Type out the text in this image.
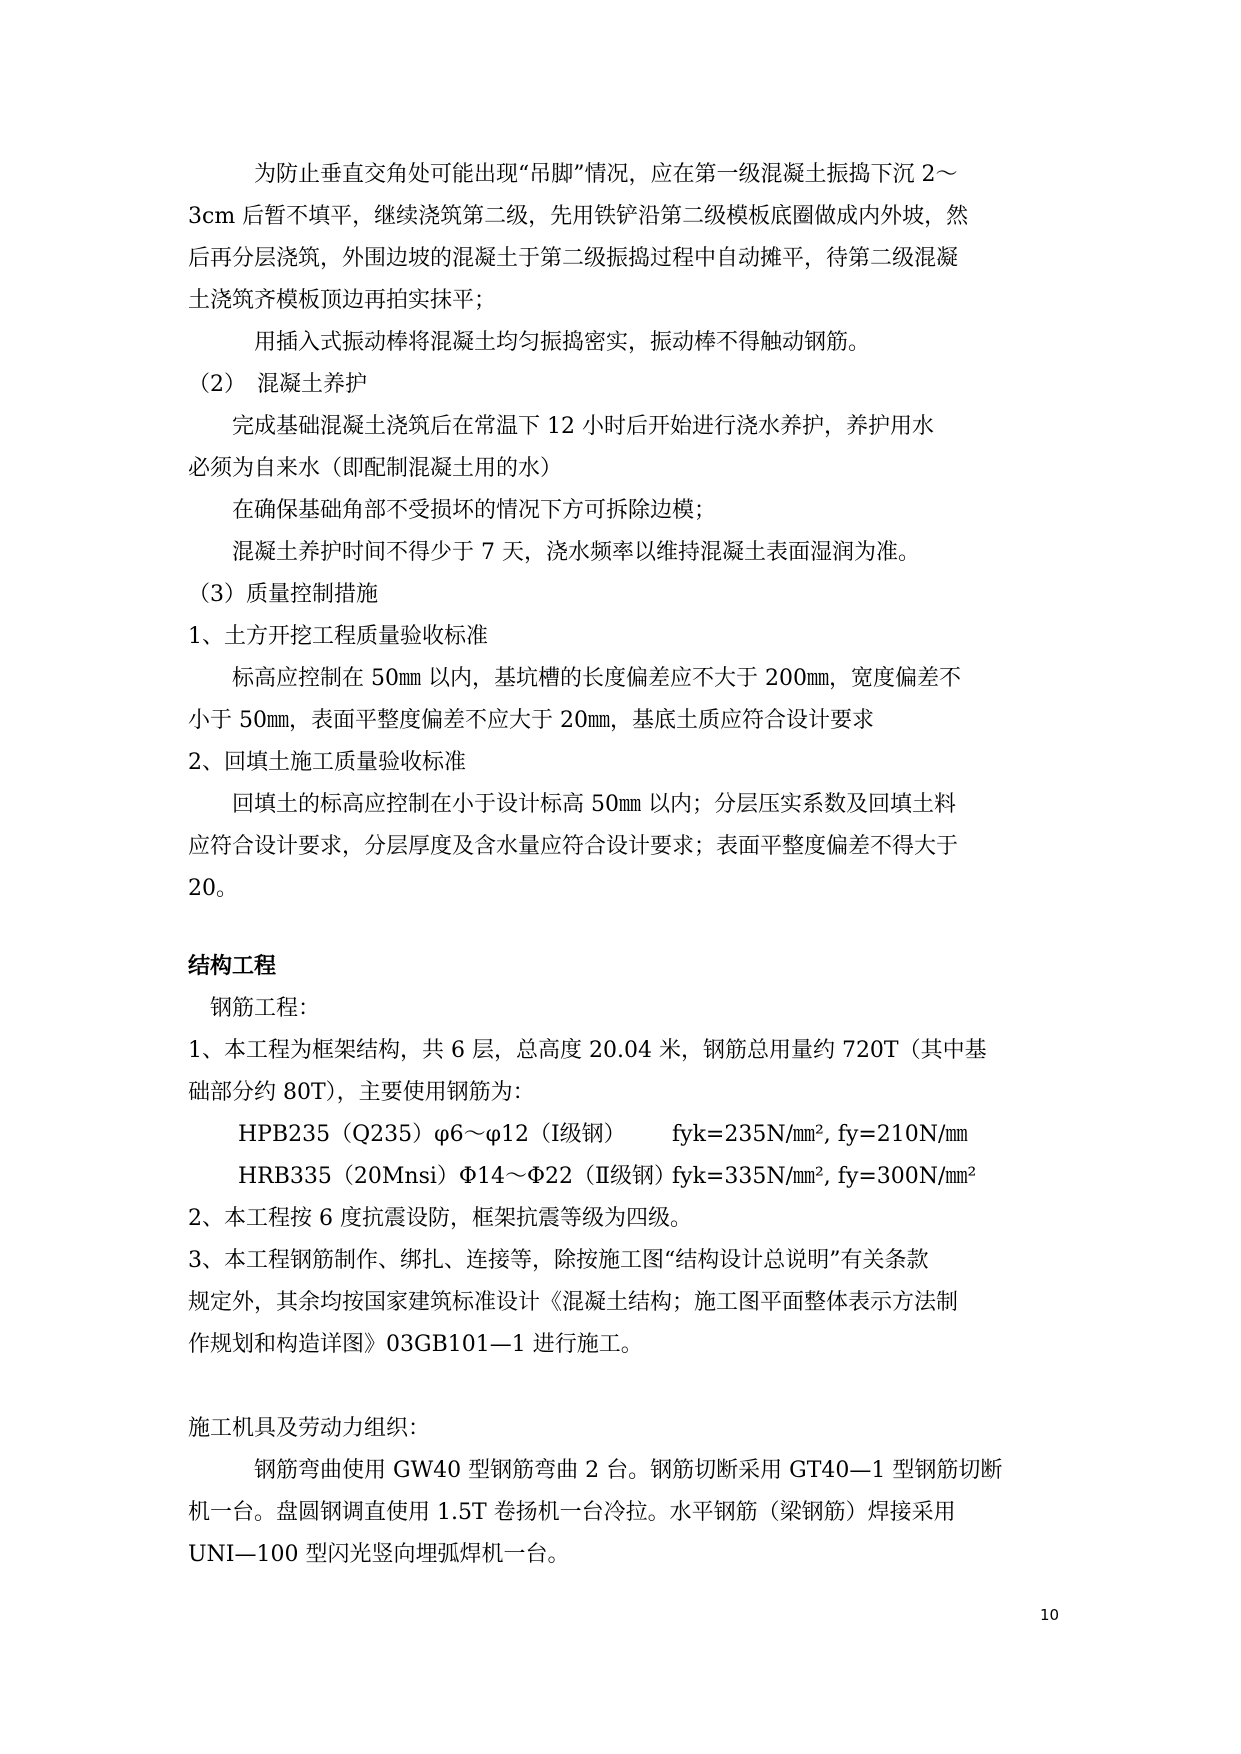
　　　为防止垂直交角处可能出现“吊脚”情况，应在第一级混凝土振捣下沉 2～
3cm 后暂不填平，继续浇筑第二级，先用铁铲沿第二级模板底圈做成内外坡，然
后再分层浇筑，外围边坡的混凝土于第二级振捣过程中自动摊平，待第二级混凝
土浇筑齐模板顶边再拍实抹平；
　　　用插入式振动棒将混凝土均匀振捣密实，振动棒不得触动钢筋。
（2）　混凝土养护
　　完成基础混凝土浇筑后在常温下 12 小时后开始进行浇水养护，养护用水
必须为自来水（即配制混凝土用的水）
　　在确保基础角部不受损坏的情况下方可拆除边模；
　　混凝土养护时间不得少于 7 天，浇水频率以维持混凝土表面湿润为准。
（3）质量控制措施
1、土方开挖工程质量验收标准
　　标高应控制在 50㎜ 以内，基坑槽的长度偏差应不大于 200㎜，宽度偏差不
小于 50㎜，表面平整度偏差不应大于 20㎜，基底土质应符合设计要求
2、回填土施工质量验收标准
　　回填土的标高应控制在小于设计标高 50㎜ 以内；分层压实系数及回填土料
应符合设计要求，分层厚度及含水量应符合设计要求；表面平整度偏差不得大于
20。
结构工程
　钢筋工程：
1、本工程为框架结构，共 6 层，总高度 20.04 米，钢筋总用量约 720T（其中基
础部分约 80T），主要使用钢筋为：
HPB235（Q235）φ6～φ12（Ⅰ级钢） fyk=235N/㎜², fy=210N/㎜
HRB335（20Mnsi）Φ14～Φ22（Ⅱ级钢）
fyk=335N/㎜², fy=300N/㎜²
2、本工程按 6 度抗震设防，框架抗震等级为四级。
3、本工程钢筋制作、绑扎、连接等，除按施工图“结构设计总说明”有关条款
规定外，其余均按国家建筑标准设计《混凝土结构；施工图平面整体表示方法制
作规划和构造详图》03GB101—1 进行施工。
施工机具及劳动力组织：
　　　钢筋弯曲使用 GW40 型钢筋弯曲 2 台。钢筋切断采用 GT40—1 型钢筋切断
机一台。盘圆钢调直使用 1.5T 卷扬机一台冷拉。水平钢筋（梁钢筋）焊接采用
UNI—100 型闪光竖向埋弧焊机一台。
10
